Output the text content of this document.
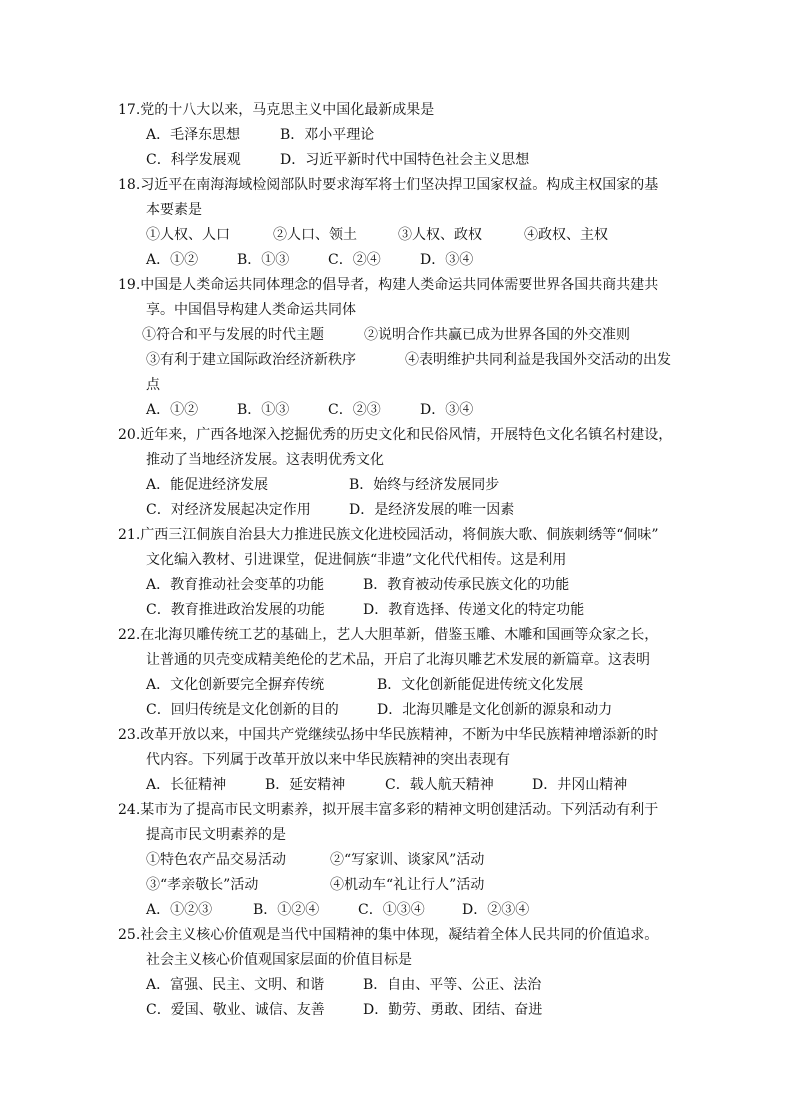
17.党的十八大以来，马克思主义中国化最新成果是
A．毛泽东思想	B．邓小平理论
C．科学发展观	D．习近平新时代中国特色社会主义思想
18.习近平在南海海域检阅部队时要求海军将士们坚决捍卫国家权益。构成主权国家的基
本要素是
①人权、人口	②人口、领土	③人权、政权	④政权、主权
A．①②	B．①③	C．②④	D．③④
19.中国是人类命运共同体理念的倡导者，构建人类命运共同体需要世界各国共商共建共
享。中国倡导构建人类命运共同体
①符合和平与发展的时代主题	②说明合作共赢已成为世界各国的外交准则
③有利于建立国际政治经济新秩序	④表明维护共同利益是我国外交活动的出发
点
A．①②	B．①③	C．②③	D．③④
20.近年来，广西各地深入挖掘优秀的历史文化和民俗风情，开展特色文化名镇名村建设，
推动了当地经济发展。这表明优秀文化
A．能促进经济发展	B．始终与经济发展同步
C．对经济发展起决定作用	D．是经济发展的唯一因素
21.广西三江侗族自治县大力推进民族文化进校园活动，将侗族大歌、侗族刺绣等“侗味”
文化编入教材、引进课堂，促进侗族“非遗”文化代代相传。这是利用
A．教育推动社会变革的功能	B．教育被动传承民族文化的功能
C．教育推进政治发展的功能	D．教育选择、传递文化的特定功能
22.在北海贝雕传统工艺的基础上，艺人大胆革新，借鉴玉雕、木雕和国画等众家之长，
让普通的贝壳变成精美绝伦的艺术品，开启了北海贝雕艺术发展的新篇章。这表明
A．文化创新要完全摒弃传统	B．文化创新能促进传统文化发展
C．回归传统是文化创新的目的	D．北海贝雕是文化创新的源泉和动力
23.改革开放以来，中国共产党继续弘扬中华民族精神，不断为中华民族精神增添新的时
代内容。下列属于改革开放以来中华民族精神的突出表现有
A．长征精神	B．延安精神	C．载人航天精神	D．井冈山精神
24.某市为了提高市民文明素养，拟开展丰富多彩的精神文明创建活动。下列活动有利于
提高市民文明素养的是
①特色农产品交易活动	②“写家训、谈家风”活动
③“孝亲敬长”活动	④机动车“礼让行人”活动
A．①②③	B．①②④	C．①③④	D．②③④
25.社会主义核心价值观是当代中国精神的集中体现，凝结着全体人民共同的价值追求。
社会主义核心价值观国家层面的价值目标是
A．富强、民主、文明、和谐	B．自由、平等、公正、法治
C．爱国、敬业、诚信、友善	D．勤劳、勇敢、团结、奋进
